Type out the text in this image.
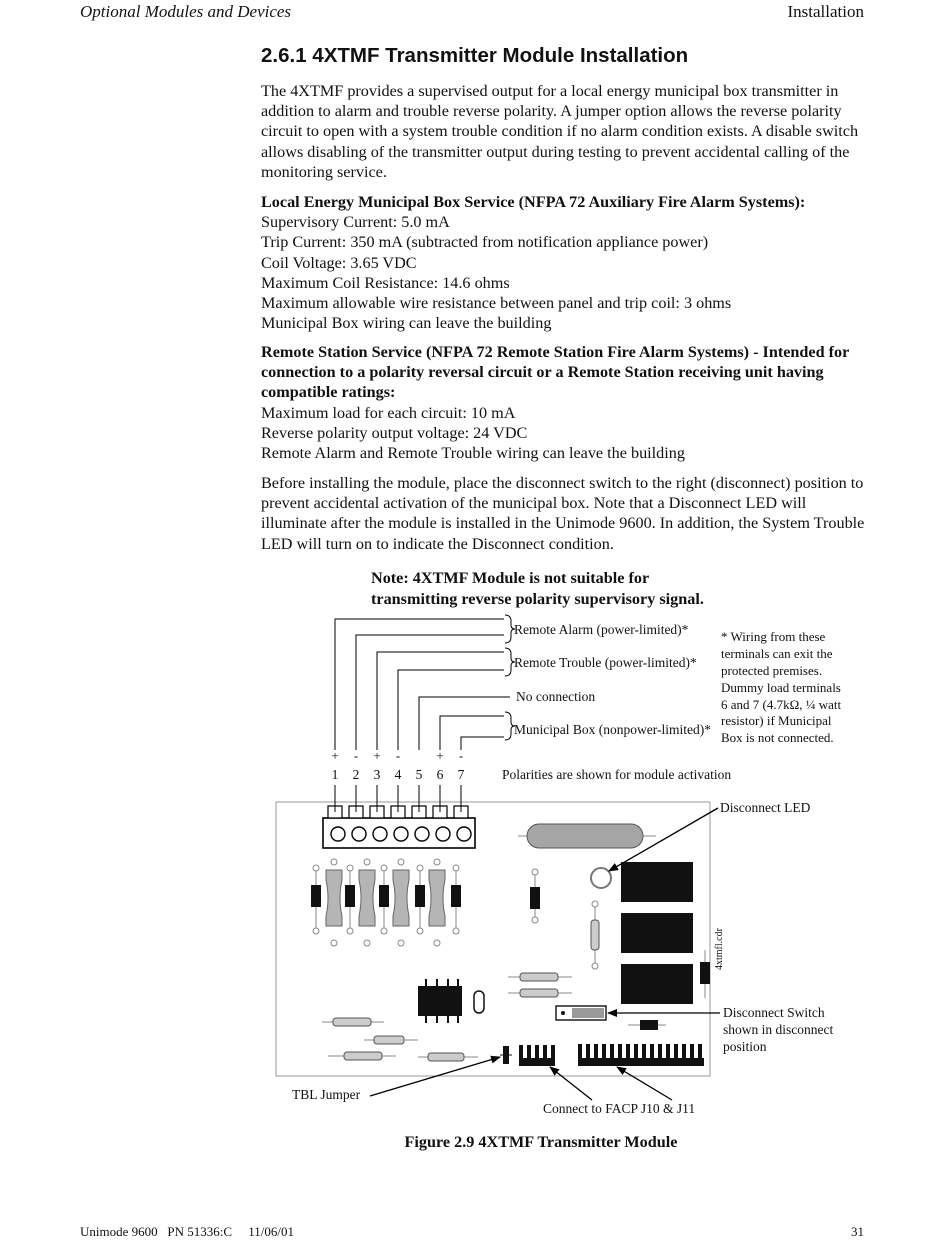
Optional Modules and Devices	Installation
2.6.1 4XTMF Transmitter Module Installation

The 4XTMF provides a supervised output for a local energy municipal box transmitter in addition to alarm and trouble reverse polarity. A jumper option allows the reverse polarity circuit to open with a system trouble condition if no alarm condition exists. A disable switch allows disabling of the transmitter output during testing to prevent accidental calling of the monitoring service.

Local Energy Municipal Box Service (NFPA 72 Auxiliary Fire Alarm Systems):

Supervisory Current: 5.0 mA

Trip Current: 350 mA (subtracted from notification appliance power)

Coil Voltage: 3.65 VDC

Maximum Coil Resistance: 14.6 ohms

Maximum allowable wire resistance between panel and trip coil: 3 ohms

Municipal Box wiring can leave the building

Remote Station Service (NFPA 72 Remote Station Fire Alarm Systems) - Intended for connection to a polarity reversal circuit or a Remote Station receiving unit having compatible ratings:

Maximum load for each circuit: 10 mA

Reverse polarity output voltage: 24 VDC

Remote Alarm and Remote Trouble wiring can leave the building

Before installing the module, place the disconnect switch to the right (disconnect) position to prevent accidental activation of the municipal box. Note that a Disconnect LED will illuminate after the module is installed in the Unimode 9600. In addition, the System Trouble LED will turn on to indicate the Disconnect condition.

Note: 4XTMF Module is not suitable for
transmitting reverse polarity supervisory signal.
Remote Alarm (power-limited)*
Remote Trouble (power-limited)*
No connection
Municipal Box (nonpower-limited)*
* Wiring from these
terminals can exit the
protected premises.
Dummy load terminals
6 and 7 (4.7kΩ, ¼ watt
resistor) if Municipal
Box is not connected.
+ - + -	+ -
1 2 3 4 5 6 7	Polarities are shown for module activation
4xtmfl.cdr
Disconnect LED
Disconnect Switch
shown in disconnect
position
TBL Jumper
Connect to FACP J10 & J11
Figure 2.9 4XTMF Transmitter Module
Unimode 9600   PN 51336:C     11/06/01	31
